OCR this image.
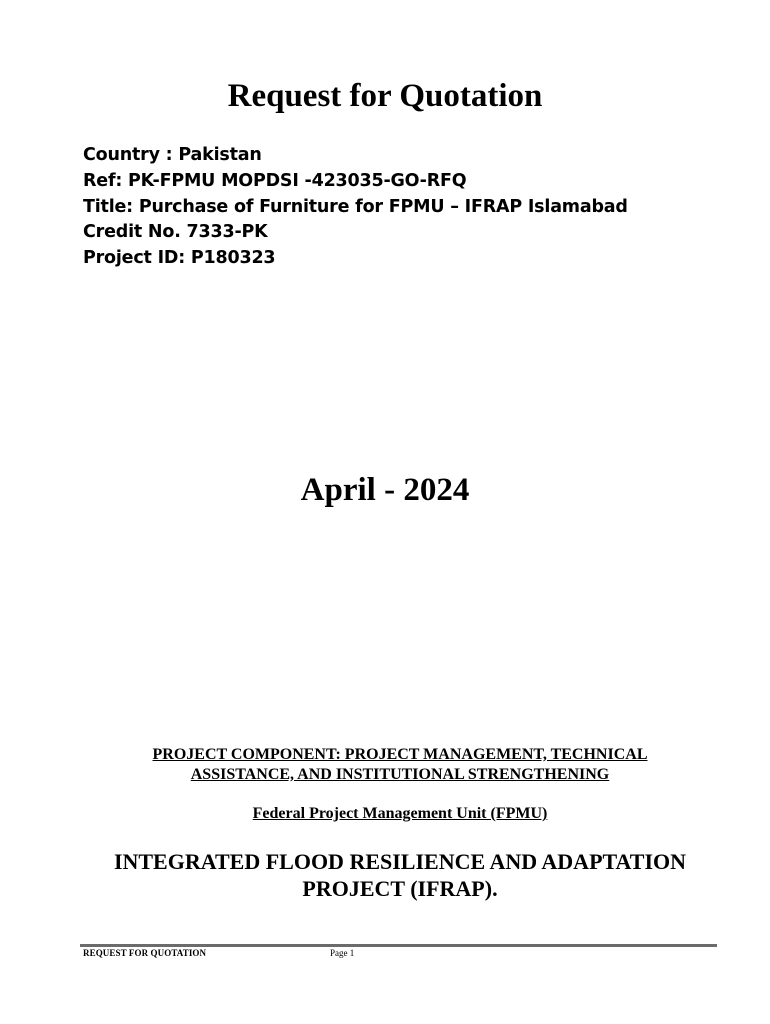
Request for Quotation
Country : Pakistan
Ref: PK-FPMU MOPDSI -423035-GO-RFQ
Title: Purchase of Furniture for FPMU – IFRAP Islamabad
Credit No. 7333-PK
Project ID: P180323
April - 2024
PROJECT COMPONENT: PROJECT MANAGEMENT, TECHNICAL ASSISTANCE, AND INSTITUTIONAL STRENGTHENING
Federal Project Management Unit (FPMU)
INTEGRATED FLOOD RESILIENCE AND ADAPTATION PROJECT (IFRAP).
REQUEST FOR QUOTATION	Page 1
